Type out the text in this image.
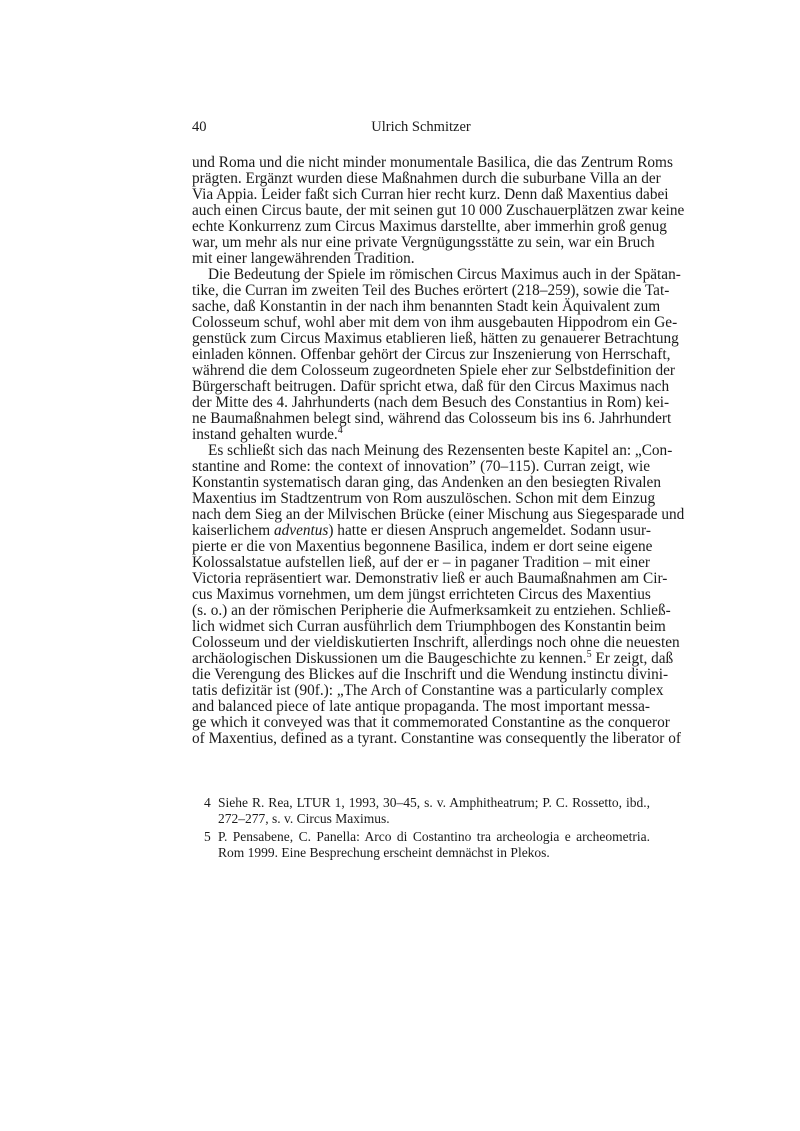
40	Ulrich Schmitzer
und Roma und die nicht minder monumentale Basilica, die das Zentrum Roms
prägten. Ergänzt wurden diese Maßnahmen durch die suburbane Villa an der
Via Appia. Leider faßt sich Curran hier recht kurz. Denn daß Maxentius dabei
auch einen Circus baute, der mit seinen gut 10 000 Zuschauerplätzen zwar keine
echte Konkurrenz zum Circus Maximus darstellte, aber immerhin groß genug
war, um mehr als nur eine private Vergnügungsstätte zu sein, war ein Bruch
mit einer langewährenden Tradition.
Die Bedeutung der Spiele im römischen Circus Maximus auch in der Spätan-
tike, die Curran im zweiten Teil des Buches erörtert (218–259), sowie die Tat-
sache, daß Konstantin in der nach ihm benannten Stadt kein Äquivalent zum
Colosseum schuf, wohl aber mit dem von ihm ausgebauten Hippodrom ein Ge-
genstück zum Circus Maximus etablieren ließ, hätten zu genauerer Betrachtung
einladen können. Offenbar gehört der Circus zur Inszenierung von Herrschaft,
während die dem Colosseum zugeordneten Spiele eher zur Selbstdefinition der
Bürgerschaft beitrugen. Dafür spricht etwa, daß für den Circus Maximus nach
der Mitte des 4. Jahrhunderts (nach dem Besuch des Constantius in Rom) kei-
ne Baumaßnahmen belegt sind, während das Colosseum bis ins 6. Jahrhundert
instand gehalten wurde.$^4$
Es schließt sich das nach Meinung des Rezensenten beste Kapitel an: „Con-
stantine and Rome: the context of innovation” (70–115). Curran zeigt, wie
Konstantin systematisch daran ging, das Andenken an den besiegten Rivalen
Maxentius im Stadtzentrum von Rom auszulöschen. Schon mit dem Einzug
nach dem Sieg an der Milvischen Brücke (einer Mischung aus Siegesparade und
kaiserlichem adventus) hatte er diesen Anspruch angemeldet. Sodann usur-
pierte er die von Maxentius begonnene Basilica, indem er dort seine eigene
Kolossalstatue aufstellen ließ, auf der er – in paganer Tradition – mit einer
Victoria repräsentiert war. Demonstrativ ließ er auch Baumaßnahmen am Cir-
cus Maximus vornehmen, um dem jüngst errichteten Circus des Maxentius
(s. o.) an der römischen Peripherie die Aufmerksamkeit zu entziehen. Schließ-
lich widmet sich Curran ausführlich dem Triumphbogen des Konstantin beim
Colosseum und der vieldiskutierten Inschrift, allerdings noch ohne die neuesten
archäologischen Diskussionen um die Baugeschichte zu kennen.$^5$ Er zeigt, daß
die Verengung des Blickes auf die Inschrift und die Wendung instinctu divini-
tatis defizitär ist (90f.): „The Arch of Constantine was a particularly complex
and balanced piece of late antique propaganda. The most important messa-
ge which it conveyed was that it commemorated Constantine as the conqueror
of Maxentius, defined as a tyrant. Constantine was consequently the liberator of
4 Siehe R. Rea, LTUR 1, 1993, 30–45, s. v. Amphitheatrum; P. C. Rossetto, ibd.,
272–277, s. v. Circus Maximus.
5 P. Pensabene, C. Panella: Arco di Costantino tra archeologia e archeometria.
Rom 1999. Eine Besprechung erscheint demnächst in Plekos.
